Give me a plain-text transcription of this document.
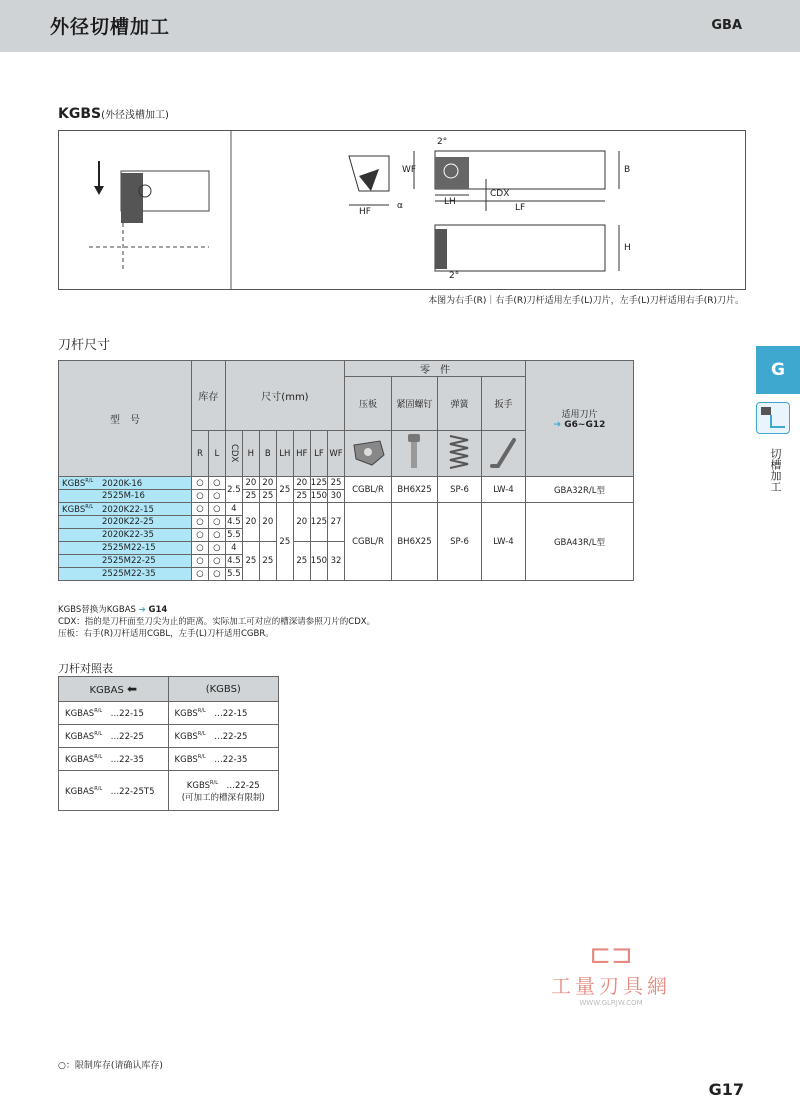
外径切槽加工	GBA
KGBS(外径浅槽加工)
2°
2°
WF
HF
α	LH
CDX
LF
B
H
本图为右手(R)｜右手(R)刀杆适用左手(L)刀片，左手(L)刀杆适用右手(R)刀片。
刀杆尺寸
型　号	库存		尺寸(mm)							零　件				适用刀片
➔ G6~G12

										压板	紧固螺钉	弹簧	扳手	
	R	L	CDX	H	B	LH	HF	LF	WF				
$KGBS^{R/L}$ 2020K-16	○	○	2.5	20	20	25	20	125	25	CGBL/R	BH6X25	SP-6	LW-4	GBA32R/L型
2525M-16	○	○		25	25		25	150	30					
$KGBS^{R/L}$ 2020K22-15	○	○	4	20	20	25	20	125	27	CGBL/R	BH6X25	SP-6	LW-4	GBA43R/L型
2020K22-25	○	○	4.5											
2020K22-35	○	○	5.5											
2525M22-15	○	○	4	25	25		25	150	32					
2525M22-25	○	○	4.5											
2525M22-35	○	○	5.5											
KGBS替换为KGBAS ➔ G14
CDX：指的是刀杆面至刀尖为止的距离。实际加工可对应的槽深请参照刀片的CDX。
压板：右手(R)刀杆适用CGBL，左手(L)刀杆适用CGBR。
刀杆对照表
KGBAS ⬅	(KGBS)
$KGBAS^{R/L}$　 …22-15	$KGBS^{R/L}$　 …22-15
$KGBAS^{R/L}$　 …22-25	$KGBS^{R/L}$　 …22-25
$KGBAS^{R/L}$　 …22-35	$KGBS^{R/L}$　 …22-35
$KGBAS^{R/L}$　 …22-25T5	$KGBS^{R/L}$　 …22-25
(可加工的槽深有限制)
G
切槽加工
⊏⊐
工量刃具網
WWW.GLRJW.COM
○：限制库存(请确认库存)
G17
